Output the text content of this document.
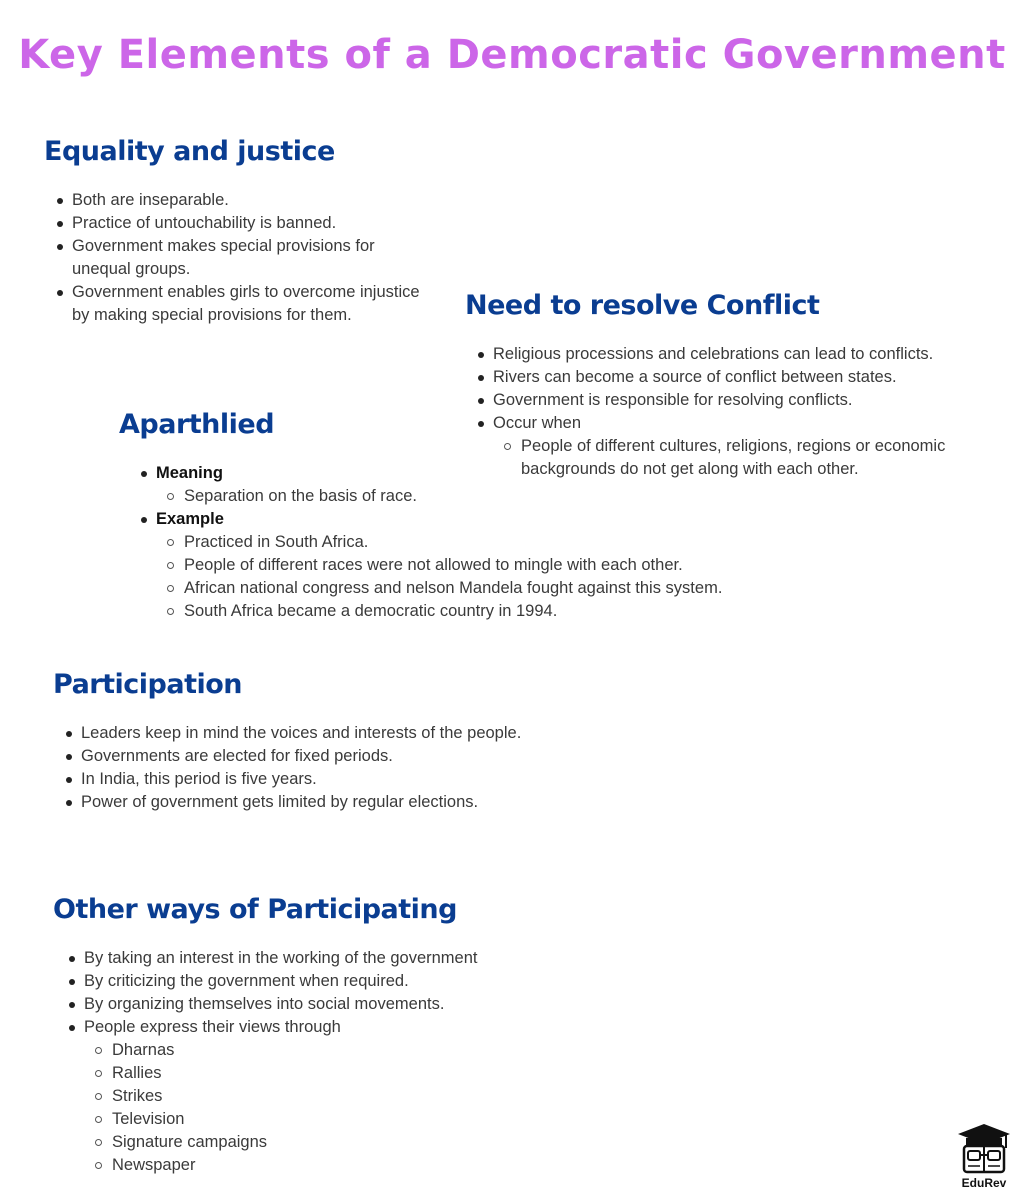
Key Elements of a Democratic Government
Equality and justice
Both are inseparable.
Practice of untouchability is banned.
Government makes special provisions for unequal groups.
Government enables girls to overcome injustice by making special provisions for them.	Need to resolve Conflict
Religious processions and celebrations can lead to conflicts.
Rivers can become a source of conflict between states.
Government is responsible for resolving conflicts.
Occur when
People of different cultures, religions, regions or economic backgrounds do not get along with each other.
Aparthlied
Meaning
Separation on the basis of race.
Example
Practiced in South Africa.
People of different races were not allowed to mingle with each other.
African national congress and nelson Mandela fought against this system.
South Africa became a democratic country in 1994.
Participation
Leaders keep in mind the voices and interests of the people.
Governments are elected for fixed periods.
In India, this period is five years.
Power of government gets limited by regular elections.
Other ways of Participating
By taking an interest in the working of the government
By criticizing the government when required.
By organizing themselves into social movements.
People express their views through
Dharnas
Rallies
Strikes
Television
Signature campaigns
Newspaper
EduRev
